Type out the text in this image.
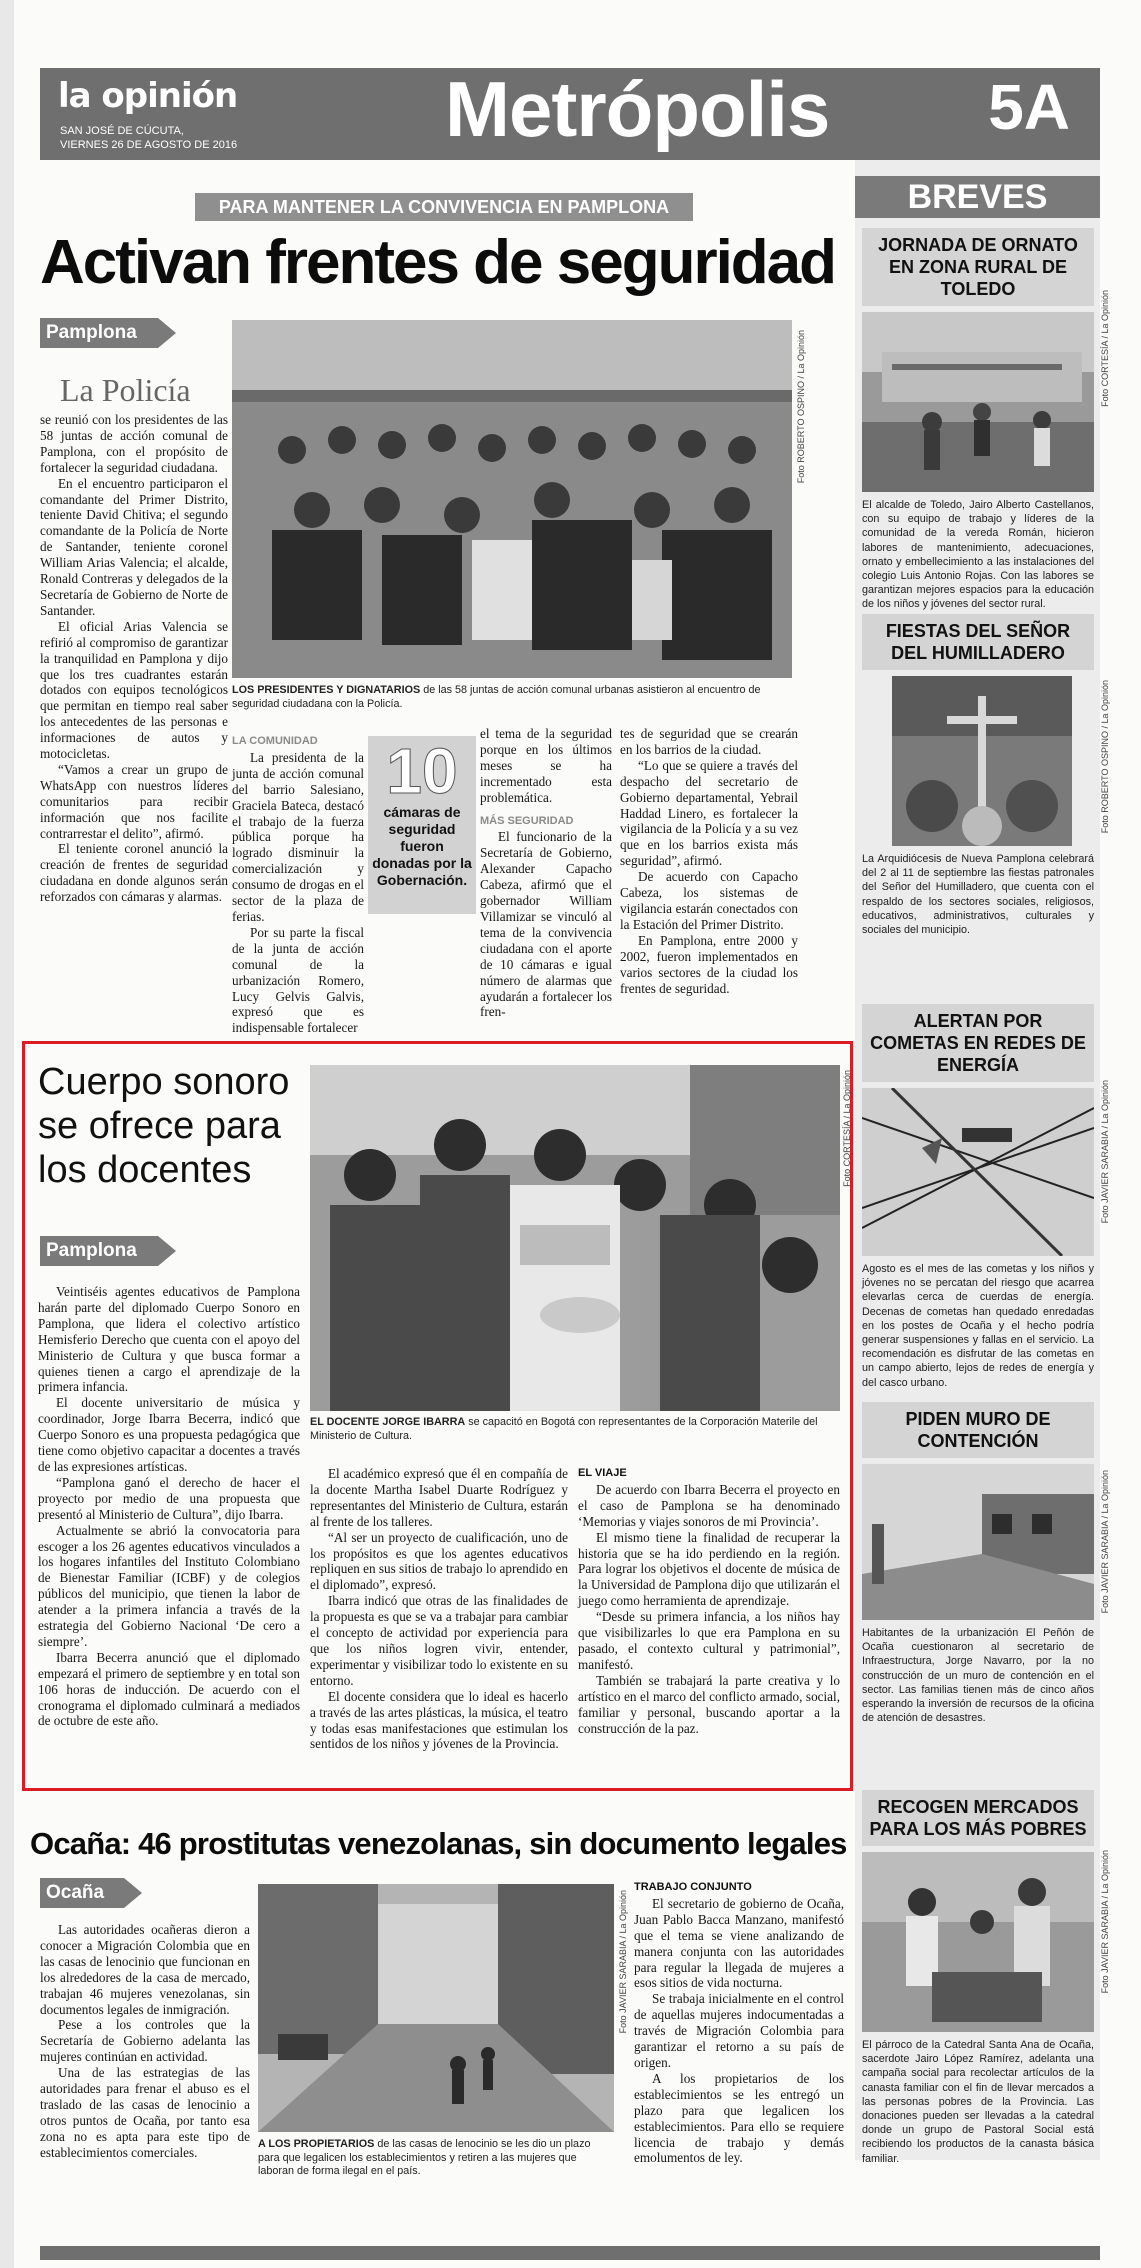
la opinión
SAN JOSÉ DE CÚCUTA,
VIERNES 26 DE AGOSTO DE 2016	Metrópolis 5A
BREVES
JORNADA DE ORNATO EN ZONA RURAL DE TOLEDO
El alcalde de Toledo, Jairo Alberto Castellanos, con su equipo de trabajo y líderes de la comunidad de la vereda Román, hicieron labores de mantenimiento, adecuaciones, ornato y embellecimiento a las instalaciones del colegio Luis Antonio Rojas. Con las labores se garantizan mejores espacios para la educación de los niños y jóvenes del sector rural.
Foto CORTESÍA / La Opinión
FIESTAS DEL SEÑOR DEL HUMILLADERO
La Arquidiócesis de Nueva Pamplona celebrará del 2 al 11 de septiembre las fiestas patronales del Señor del Humilladero, que cuenta con el respaldo de los sectores sociales, religiosos, educativos, administrativos, culturales y sociales del municipio.
Foto ROBERTO OSPINO / La Opinión
ALERTAN POR COMETAS EN REDES DE ENERGÍA
Agosto es el mes de las cometas y los niños y jóvenes no se percatan del riesgo que acarrea elevarlas cerca de cuerdas de energía. Decenas de cometas han quedado enredadas en los postes de Ocaña y el hecho podría generar suspensiones y fallas en el servicio. La recomendación es disfrutar de las cometas en un campo abierto, lejos de redes de energía y del casco urbano.
Foto JAVIER SARABIA / La Opinión
PIDEN MURO DE CONTENCIÓN
Habitantes de la urbanización El Peñón de Ocaña cuestionaron al secretario de Infraestructura, Jorge Navarro, por la no construcción de un muro de contención en el sector. Las familias tienen más de cinco años esperando la inversión de recursos de la oficina de atención de desastres.
Foto JAVIER SARABIA / La Opinión
RECOGEN MERCADOS PARA LOS MÁS POBRES
El párroco de la Catedral Santa Ana de Ocaña, sacerdote Jairo López Ramírez, adelanta una campaña social para recolectar artículos de la canasta familiar con el fin de llevar mercados a las personas pobres de la Provincia. Las donaciones pueden ser llevadas a la catedral donde un grupo de Pastoral Social está recibiendo los productos de la canasta básica familiar.
Foto JAVIER SARABIA / La Opinión
PARA MANTENER LA CONVIVENCIA EN PAMPLONA
Activan frentes de seguridad
Pamplona
La Policía

se reunió con los presidentes de las 58 juntas de acción comunal de Pamplona, con el propósito de fortalecer la seguridad ciudadana.

En el encuentro participaron el comandante del Primer Distrito, teniente David Chitiva; el segundo comandante de la Policía de Norte de Santander, teniente coronel William Arias Valencia; el alcalde, Ronald Contreras y delegados de la Secretaría de Gobierno de Norte de Santander.

El oficial Arias Valencia se refirió al compromiso de garantizar la tranquilidad en Pamplona y dijo que los tres cuadrantes estarán dotados con equipos tecnológicos que permitan en tiempo real saber los antecedentes de las personas e informaciones de autos y motocicletas.

“Vamos a crear un grupo de WhatsApp con nuestros líderes comunitarios para recibir información que nos facilite contrarrestar el delito”, afirmó.

El teniente coronel anunció la creación de frentes de seguridad ciudadana en donde algunos serán reforzados con cámaras y alarmas.

Foto ROBERTO OSPINO / La Opinión
LOS PRESIDENTES Y DIGNATARIOS de las 58 juntas de acción comunal urbanas asistieron al encuentro de seguridad ciudadana con la Policía.

LA COMUNIDAD

La presidenta de la junta de acción comunal del barrio Salesiano, Graciela Bateca, destacó el trabajo de la fuerza pública porque ha logrado disminuir la comercialización y consumo de drogas en el sector de la plaza de ferias.

Por su parte la fiscal de la junta de acción comunal de la urbanización Romero, Lucy Gelvis Galvis, expresó que es indispensable fortalecer

10
cámaras de seguridad fueron donadas por la Gobernación.

el tema de la seguridad porque en los últimos meses se ha incrementado esta problemática.

MÁS SEGURIDAD

El funcionario de la Secretaría de Gobierno, Alexander Capacho Cabeza, afirmó que el gobernador William Villamizar se vinculó al tema de la convivencia ciudadana con el aporte de 10 cámaras e igual número de alarmas que ayudarán a fortalecer los fren-

tes de seguridad que se crearán en los barrios de la ciudad.

“Lo que se quiere a través del despacho del secretario de Gobierno departamental, Yebrail Haddad Linero, es fortalecer la vigilancia de la Policía y a su vez que en los barrios exista más seguridad”, afirmó.

De acuerdo con Capacho Cabeza, los sistemas de vigilancia estarán conectados con la Estación del Primer Distrito.

En Pamplona, entre 2000 y 2002, fueron implementados en varios sectores de la ciudad los frentes de seguridad.

Cuerpo sonoro se ofrece para los docentes
Pamplona
Foto CORTESÍA / La Opinión
EL DOCENTE JORGE IBARRA se capacitó en Bogotá con representantes de la Corporación Materile del Ministerio de Cultura.

Veintiséis agentes educativos de Pamplona harán parte del diplomado Cuerpo Sonoro en Pamplona, que lidera el colectivo artístico Hemisferio Derecho que cuenta con el apoyo del Ministerio de Cultura y que busca formar a quienes tienen a cargo el aprendizaje de la primera infancia.

El docente universitario de música y coordinador, Jorge Ibarra Becerra, indicó que Cuerpo Sonoro es una propuesta pedagógica que tiene como objetivo capacitar a docentes a través de las expresiones artísticas.

“Pamplona ganó el derecho de hacer el proyecto por medio de una propuesta que presentó al Ministerio de Cultura”, dijo Ibarra.

Actualmente se abrió la convocatoria para escoger a los 26 agentes educativos vinculados a los hogares infantiles del Instituto Colombiano de Bienestar Familiar (ICBF) y de colegios públicos del municipio, que tienen la labor de atender a la primera infancia a través de la estrategia del Gobierno Nacional ‘De cero a siempre’.

Ibarra Becerra anunció que el diplomado empezará el primero de septiembre y en total son 106 horas de inducción. De acuerdo con el cronograma el diplomado culminará a mediados de octubre de este año.

El académico expresó que él en compañía de la docente Martha Isabel Duarte Rodríguez y representantes del Ministerio de Cultura, estarán al frente de los talleres.

“Al ser un proyecto de cualificación, uno de los propósitos es que los agentes educativos repliquen en sus sitios de trabajo lo aprendido en el diplomado”, expresó.

Ibarra indicó que otras de las finalidades de la propuesta es que se va a trabajar para cambiar el concepto de actividad por experiencia para que los niños logren vivir, entender, experimentar y visibilizar todo lo existente en su entorno.

El docente considera que lo ideal es hacerlo a través de las artes plásticas, la música, el teatro y todas esas manifestaciones que estimulan los sentidos de los niños y jóvenes de la Provincia.

EL VIAJE

De acuerdo con Ibarra Becerra el proyecto en el caso de Pamplona se ha denominado ‘Memorias y viajes sonoros de mi Provincia’.

El mismo tiene la finalidad de recuperar la historia que se ha ido perdiendo en la región. Para lograr los objetivos el docente de música de la Universidad de Pamplona dijo que utilizarán el juego como herramienta de aprendizaje.

“Desde su primera infancia, a los niños hay que visibilizarles lo que era Pamplona en su pasado, el contexto cultural y patrimonial”, manifestó.

También se trabajará la parte creativa y lo artístico en el marco del conflicto armado, social, familiar y personal, buscando aportar a la construcción de la paz.

Ocaña: 46 prostitutas venezolanas, sin documento legales
Ocaña

Las autoridades ocañeras dieron a conocer a Migración Colombia que en las casas de lenocinio que funcionan en los alrededores de la casa de mercado, trabajan 46 mujeres venezolanas, sin documentos legales de inmigración.

Pese a los controles que la Secretaría de Gobierno adelanta las mujeres continúan en actividad.

Una de las estrategias de las autoridades para frenar el abuso es el traslado de las casas de lenocinio a otros puntos de Ocaña, por tanto esa zona no es apta para este tipo de establecimientos comerciales.

Foto JAVIER SARABIA / La Opinión
A LOS PROPIETARIOS de las casas de lenocinio se les dio un plazo para que legalicen los establecimientos y retiren a las mujeres que laboran de forma ilegal en el país.

TRABAJO CONJUNTO

El secretario de gobierno de Ocaña, Juan Pablo Bacca Manzano, manifestó que el tema se viene analizando de manera conjunta con las autoridades para regular la llegada de mujeres a esos sitios de vida nocturna.

Se trabaja inicialmente en el control de aquellas mujeres indocumentadas a través de Migración Colombia para garantizar el retorno a su país de origen.

A los propietarios de los establecimientos se les entregó un plazo para que legalicen los establecimientos. Para ello se requiere licencia de trabajo y demás emolumentos de ley.
